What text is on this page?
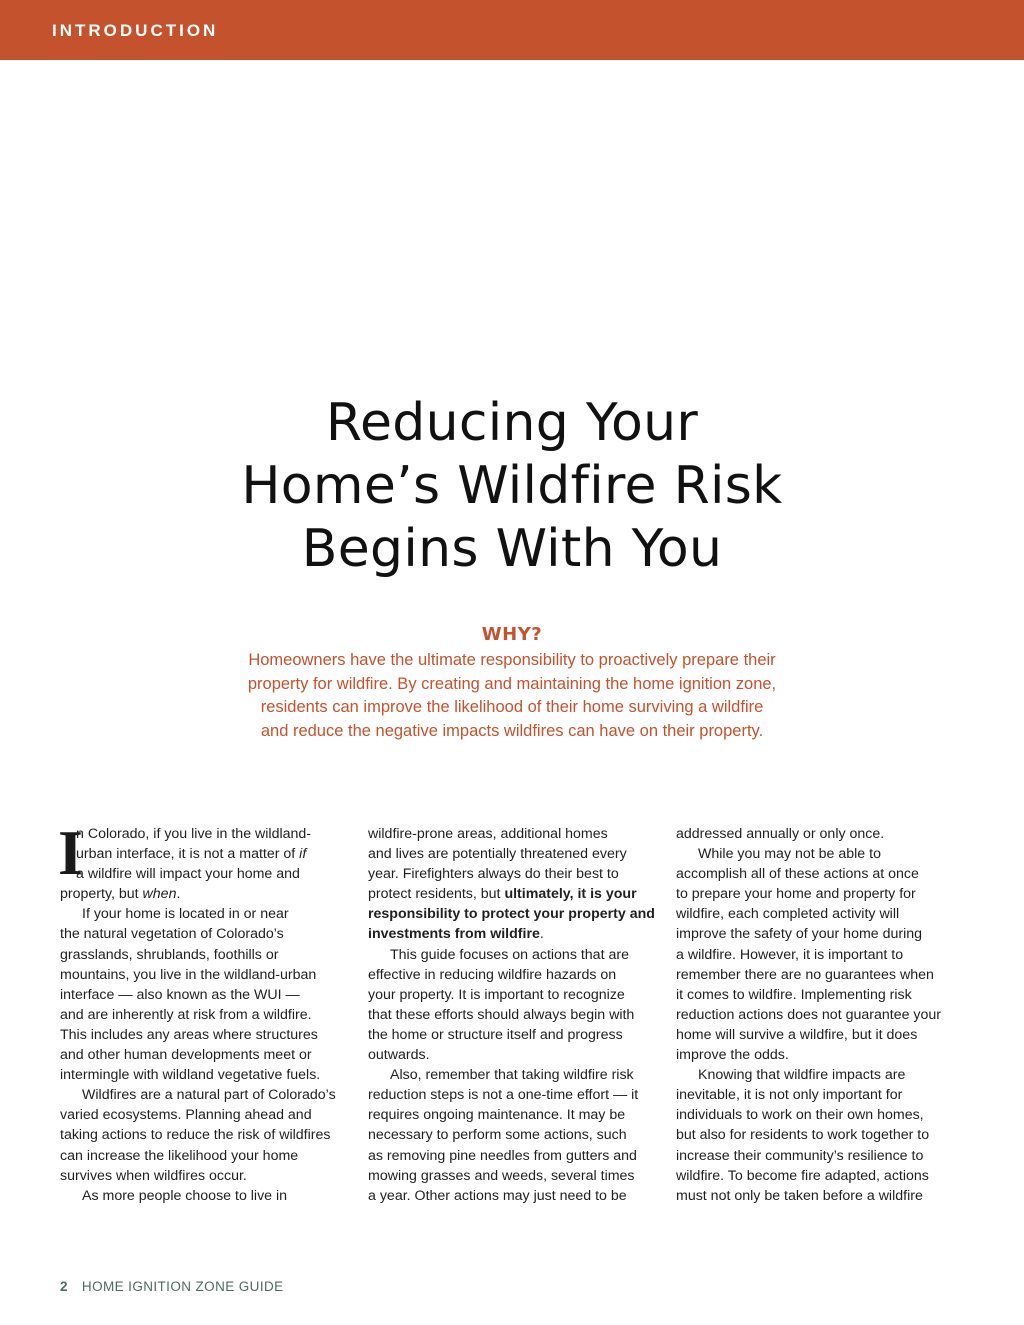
INTRODUCTION
Reducing Your
Home’s Wildfire Risk
Begins With You
WHY?
Homeowners have the ultimate responsibility to proactively prepare their
property for wildfire. By creating and maintaining the home ignition zone,
residents can improve the likelihood of their home surviving a wildfire
and reduce the negative impacts wildfires can have on their property.
I
n Colorado, if you live in the wildland-
urban interface, it is not a matter of if
a wildfire will impact your home and
property, but when.
If your home is located in or near
the natural vegetation of Colorado’s
grasslands, shrublands, foothills or
mountains, you live in the wildland-urban
interface — also known as the WUI —
and are inherently at risk from a wildfire.
This includes any areas where structures
and other human developments meet or
intermingle with wildland vegetative fuels.
Wildfires are a natural part of Colorado’s
varied ecosystems. Planning ahead and
taking actions to reduce the risk of wildfires
can increase the likelihood your home
survives when wildfires occur.
As more people choose to live in
wildfire-prone areas, additional homes
and lives are potentially threatened every
year. Firefighters always do their best to
protect residents, but ultimately, it is your
responsibility to protect your property and
investments from wildfire.
This guide focuses on actions that are
effective in reducing wildfire hazards on
your property. It is important to recognize
that these efforts should always begin with
the home or structure itself and progress
outwards.
Also, remember that taking wildfire risk
reduction steps is not a one-time effort — it
requires ongoing maintenance. It may be
necessary to perform some actions, such
as removing pine needles from gutters and
mowing grasses and weeds, several times
a year. Other actions may just need to be
addressed annually or only once.
While you may not be able to
accomplish all of these actions at once
to prepare your home and property for
wildfire, each completed activity will
improve the safety of your home during
a wildfire. However, it is important to
remember there are no guarantees when
it comes to wildfire. Implementing risk
reduction actions does not guarantee your
home will survive a wildfire, but it does
improve the odds.
Knowing that wildfire impacts are
inevitable, it is not only important for
individuals to work on their own homes,
but also for residents to work together to
increase their community’s resilience to
wildfire. To become fire adapted, actions
must not only be taken before a wildfire
2 HOME IGNITION ZONE GUIDE
